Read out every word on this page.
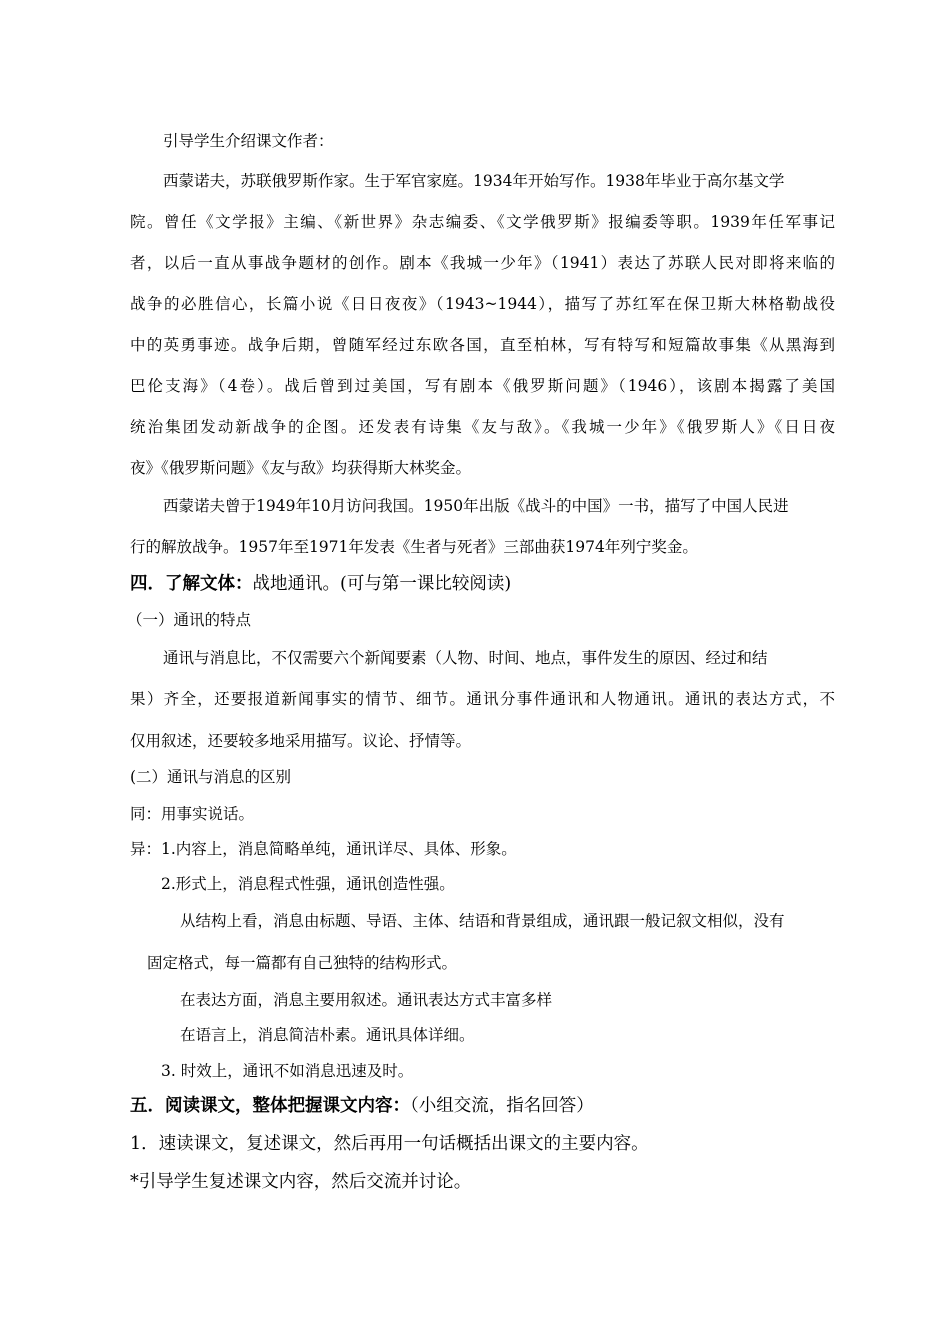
引导学生介绍课文作者：
西蒙诺夫，苏联俄罗斯作家。生于军官家庭。1934年开始写作。1938年毕业于高尔基文学
院。曾任《文学报》主编、《新世界》杂志编委、《文学俄罗斯》报编委等职。1939年任军事记
者，以后一直从事战争题材的创作。剧本《我城一少年》（1941）表达了苏联人民对即将来临的
战争的必胜信心，长篇小说《日日夜夜》（1943~1944），描写了苏红军在保卫斯大林格勒战役
中的英勇事迹。战争后期，曾随军经过东欧各国，直至柏林，写有特写和短篇故事集《从黑海到
巴伦支海》（4卷）。战后曾到过美国，写有剧本《俄罗斯问题》（1946），该剧本揭露了美国
统治集团发动新战争的企图。还发表有诗集《友与敌》。《我城一少年》《俄罗斯人》《日日夜
夜》《俄罗斯问题》《友与敌》均获得斯大林奖金。
西蒙诺夫曾于1949年10月访问我国。1950年出版《战斗的中国》一书，描写了中国人民进
行的解放战争。1957年至1971年发表《生者与死者》三部曲获1974年列宁奖金。
四．了解文体：战地通讯。(可与第一课比较阅读)
（一）通讯的特点
通讯与消息比，不仅需要六个新闻要素（人物、时间、地点，事件发生的原因、经过和结
果）齐全，还要报道新闻事实的情节、细节。通讯分事件通讯和人物通讯。通讯的表达方式，不
仅用叙述，还要较多地采用描写。议论、抒情等。
(二）通讯与消息的区别
同：用事实说话。
异：1.内容上，消息简略单纯，通讯详尽、具体、形象。
2.形式上，消息程式性强，通讯创造性强。
从结构上看，消息由标题、导语、主体、结语和背景组成，通讯跟一般记叙文相似，没有
固定格式，每一篇都有自己独特的结构形式。
在表达方面，消息主要用叙述。通讯表达方式丰富多样
在语言上，消息简洁朴素。通讯具体详细。
3. 时效上，通讯不如消息迅速及时。
五．阅读课文，整体把握课文内容：（小组交流，指名回答）
1．速读课文，复述课文，然后再用一句话概括出课文的主要内容。
*引导学生复述课文内容，然后交流并讨论。
